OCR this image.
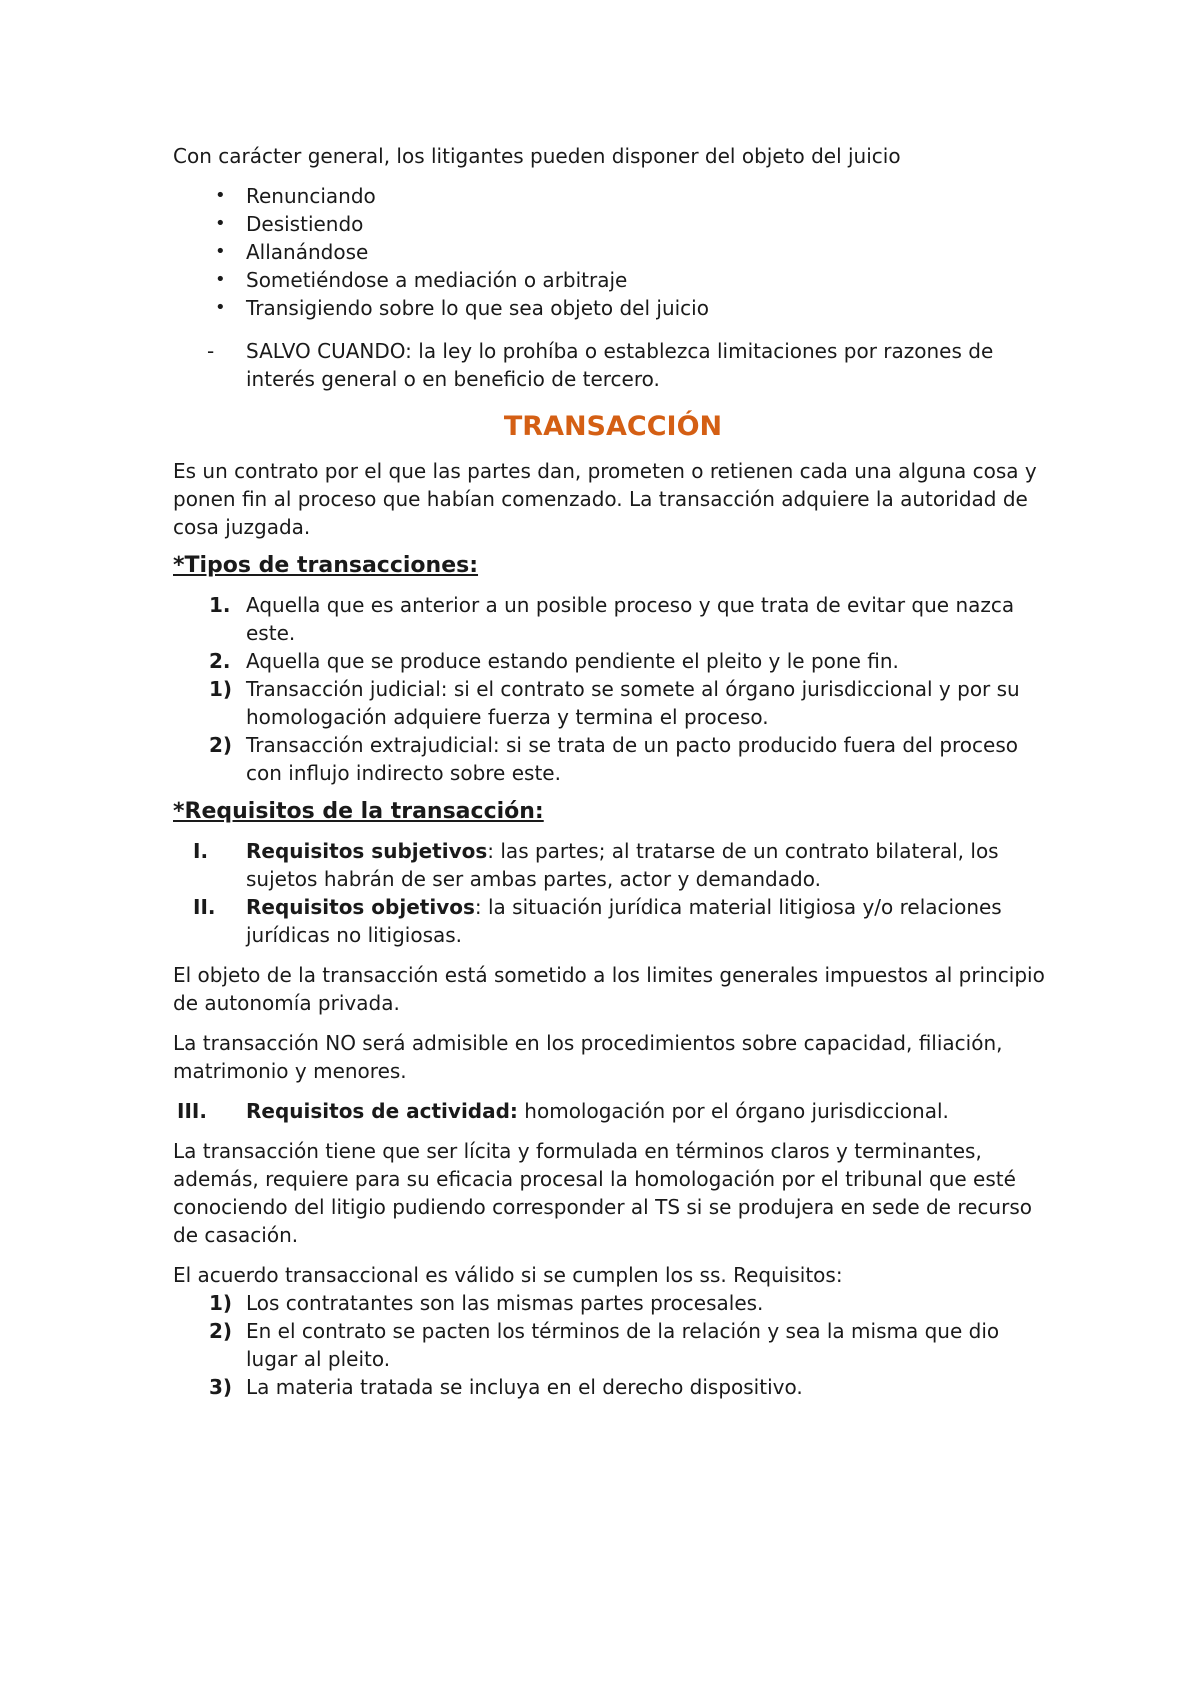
Con carácter general, los litigantes pueden disponer del objeto del juicio

• Renunciando
• Desistiendo
• Allanándose
• Sometiéndose a mediación o arbitraje
• Transigiendo sobre lo que sea objeto del juicio
- SALVO CUANDO: la ley lo prohíba o establezca limitaciones por razones de interés general o en beneficio de tercero.
TRANSACCIÓN

Es un contrato por el que las partes dan, prometen o retienen cada una alguna cosa y ponen fin al proceso que habían comenzado. La transacción adquiere la autoridad de cosa juzgada.

*Tipos de transacciones:
1. Aquella que es anterior a un posible proceso y que trata de evitar que nazca este.
2. Aquella que se produce estando pendiente el pleito y le pone fin.
1) Transacción judicial: si el contrato se somete al órgano jurisdiccional y por su homologación adquiere fuerza y termina el proceso.
2) Transacción extrajudicial: si se trata de un pacto producido fuera del proceso con influjo indirecto sobre este.
*Requisitos de la transacción:
I. Requisitos subjetivos: las partes; al tratarse de un contrato bilateral, los sujetos habrán de ser ambas partes, actor y demandado.
II. Requisitos objetivos: la situación jurídica material litigiosa y/o relaciones jurídicas no litigiosas.

El objeto de la transacción está sometido a los limites generales impuestos al principio de autonomía privada.

La transacción NO será admisible en los procedimientos sobre capacidad, filiación, matrimonio y menores.

III. Requisitos de actividad: homologación por el órgano jurisdiccional.

La transacción tiene que ser lícita y formulada en términos claros y terminantes, además, requiere para su eficacia procesal la homologación por el tribunal que esté conociendo del litigio pudiendo corresponder al TS si se produjera en sede de recurso de casación.

El acuerdo transaccional es válido si se cumplen los ss. Requisitos:

1) Los contratantes son las mismas partes procesales.
2) En el contrato se pacten los términos de la relación y sea la misma que dio lugar al pleito.
3) La materia tratada se incluya en el derecho dispositivo.
